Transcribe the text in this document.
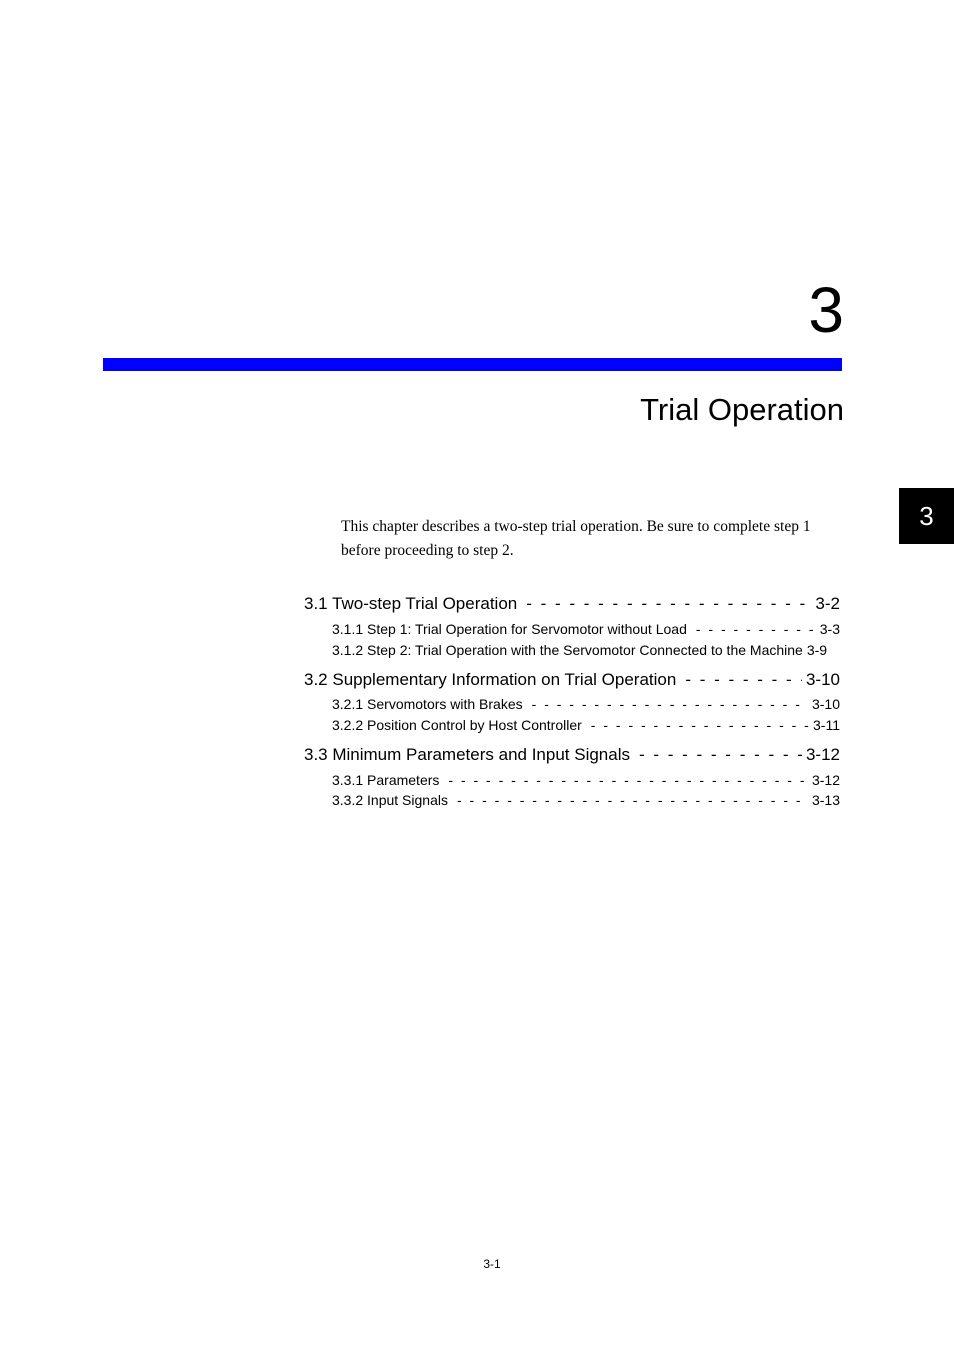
3
Trial Operation
3
This chapter describes a two-step trial operation. Be sure to complete step 1 before proceeding to step 2.
3.1 Two-step Trial Operation - - -	3-2
3.1.1 Step 1: Trial Operation for Servomotor without Load - - -	3-3
3.1.2 Step 2: Trial Operation with the Servomotor Connected to the Machine 3-9
3.2 Supplementary Information on Trial Operation - - -	3-10
3.2.1 Servomotors with Brakes - - -	3-10
3.2.2 Position Control by Host Controller - - -	3-11
3.3 Minimum Parameters and Input Signals - - -	3-12
3.3.1 Parameters - - -	3-12
3.3.2 Input Signals - - -	3-13
3-1
